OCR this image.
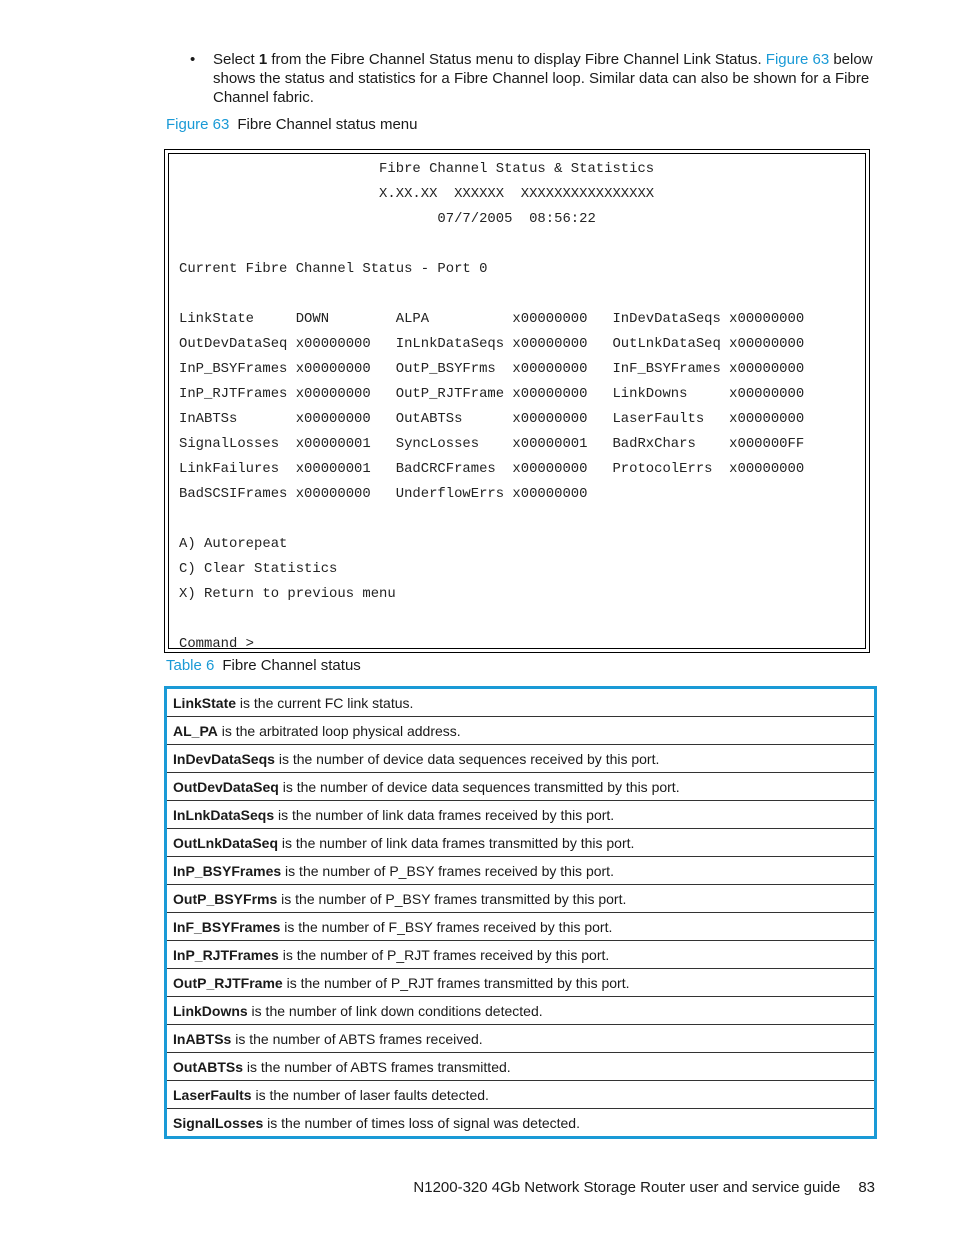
• Select 1 from the Fibre Channel Status menu to display Fibre Channel Link Status. Figure 63 below shows the status and statistics for a Fibre Channel loop. Similar data can also be shown for a Fibre Channel fabric.
Figure 63 Fibre Channel status menu
Fibre Channel Status & Statistics
X.XX.XX  XXXXXX  XXXXXXXXXXXXXXXX
07/7/2005  08:56:22

Current Fibre Channel Status - Port 0

LinkState     DOWN        ALPA          x00000000   InDevDataSeqs x00000000
OutDevDataSeq x00000000   InLnkDataSeqs x00000000   OutLnkDataSeq x00000000
InP_BSYFrames x00000000   OutP_BSYFrms  x00000000   InF_BSYFrames x00000000
InP_RJTFrames x00000000   OutP_RJTFrame x00000000   LinkDowns     x00000000
InABTSs       x00000000   OutABTSs      x00000000   LaserFaults   x00000000
SignalLosses  x00000001   SyncLosses    x00000001   BadRxChars    x000000FF
LinkFailures  x00000001   BadCRCFrames  x00000000   ProtocolErrs  x00000000
BadSCSIFrames x00000000   UnderflowErrs x00000000

A) Autorepeat
C) Clear Statistics
X) Return to previous menu

Command >
Table 6 Fibre Channel status
LinkState is the current FC link status.
AL_PA is the arbitrated loop physical address.
InDevDataSeqs is the number of device data sequences received by this port.
OutDevDataSeq is the number of device data sequences transmitted by this port.
InLnkDataSeqs is the number of link data frames received by this port.
OutLnkDataSeq is the number of link data frames transmitted by this port.
InP_BSYFrames is the number of P_BSY frames received by this port.
OutP_BSYFrms is the number of P_BSY frames transmitted by this port.
InF_BSYFrames is the number of F_BSY frames received by this port.
InP_RJTFrames is the number of P_RJT frames received by this port.
OutP_RJTFrame is the number of P_RJT frames transmitted by this port.
LinkDowns is the number of link down conditions detected.
InABTSs is the number of ABTS frames received.
OutABTSs is the number of ABTS frames transmitted.
LaserFaults is the number of laser faults detected.
SignalLosses is the number of times loss of signal was detected.
N1200-320 4Gb Network Storage Router user and service guide 83
